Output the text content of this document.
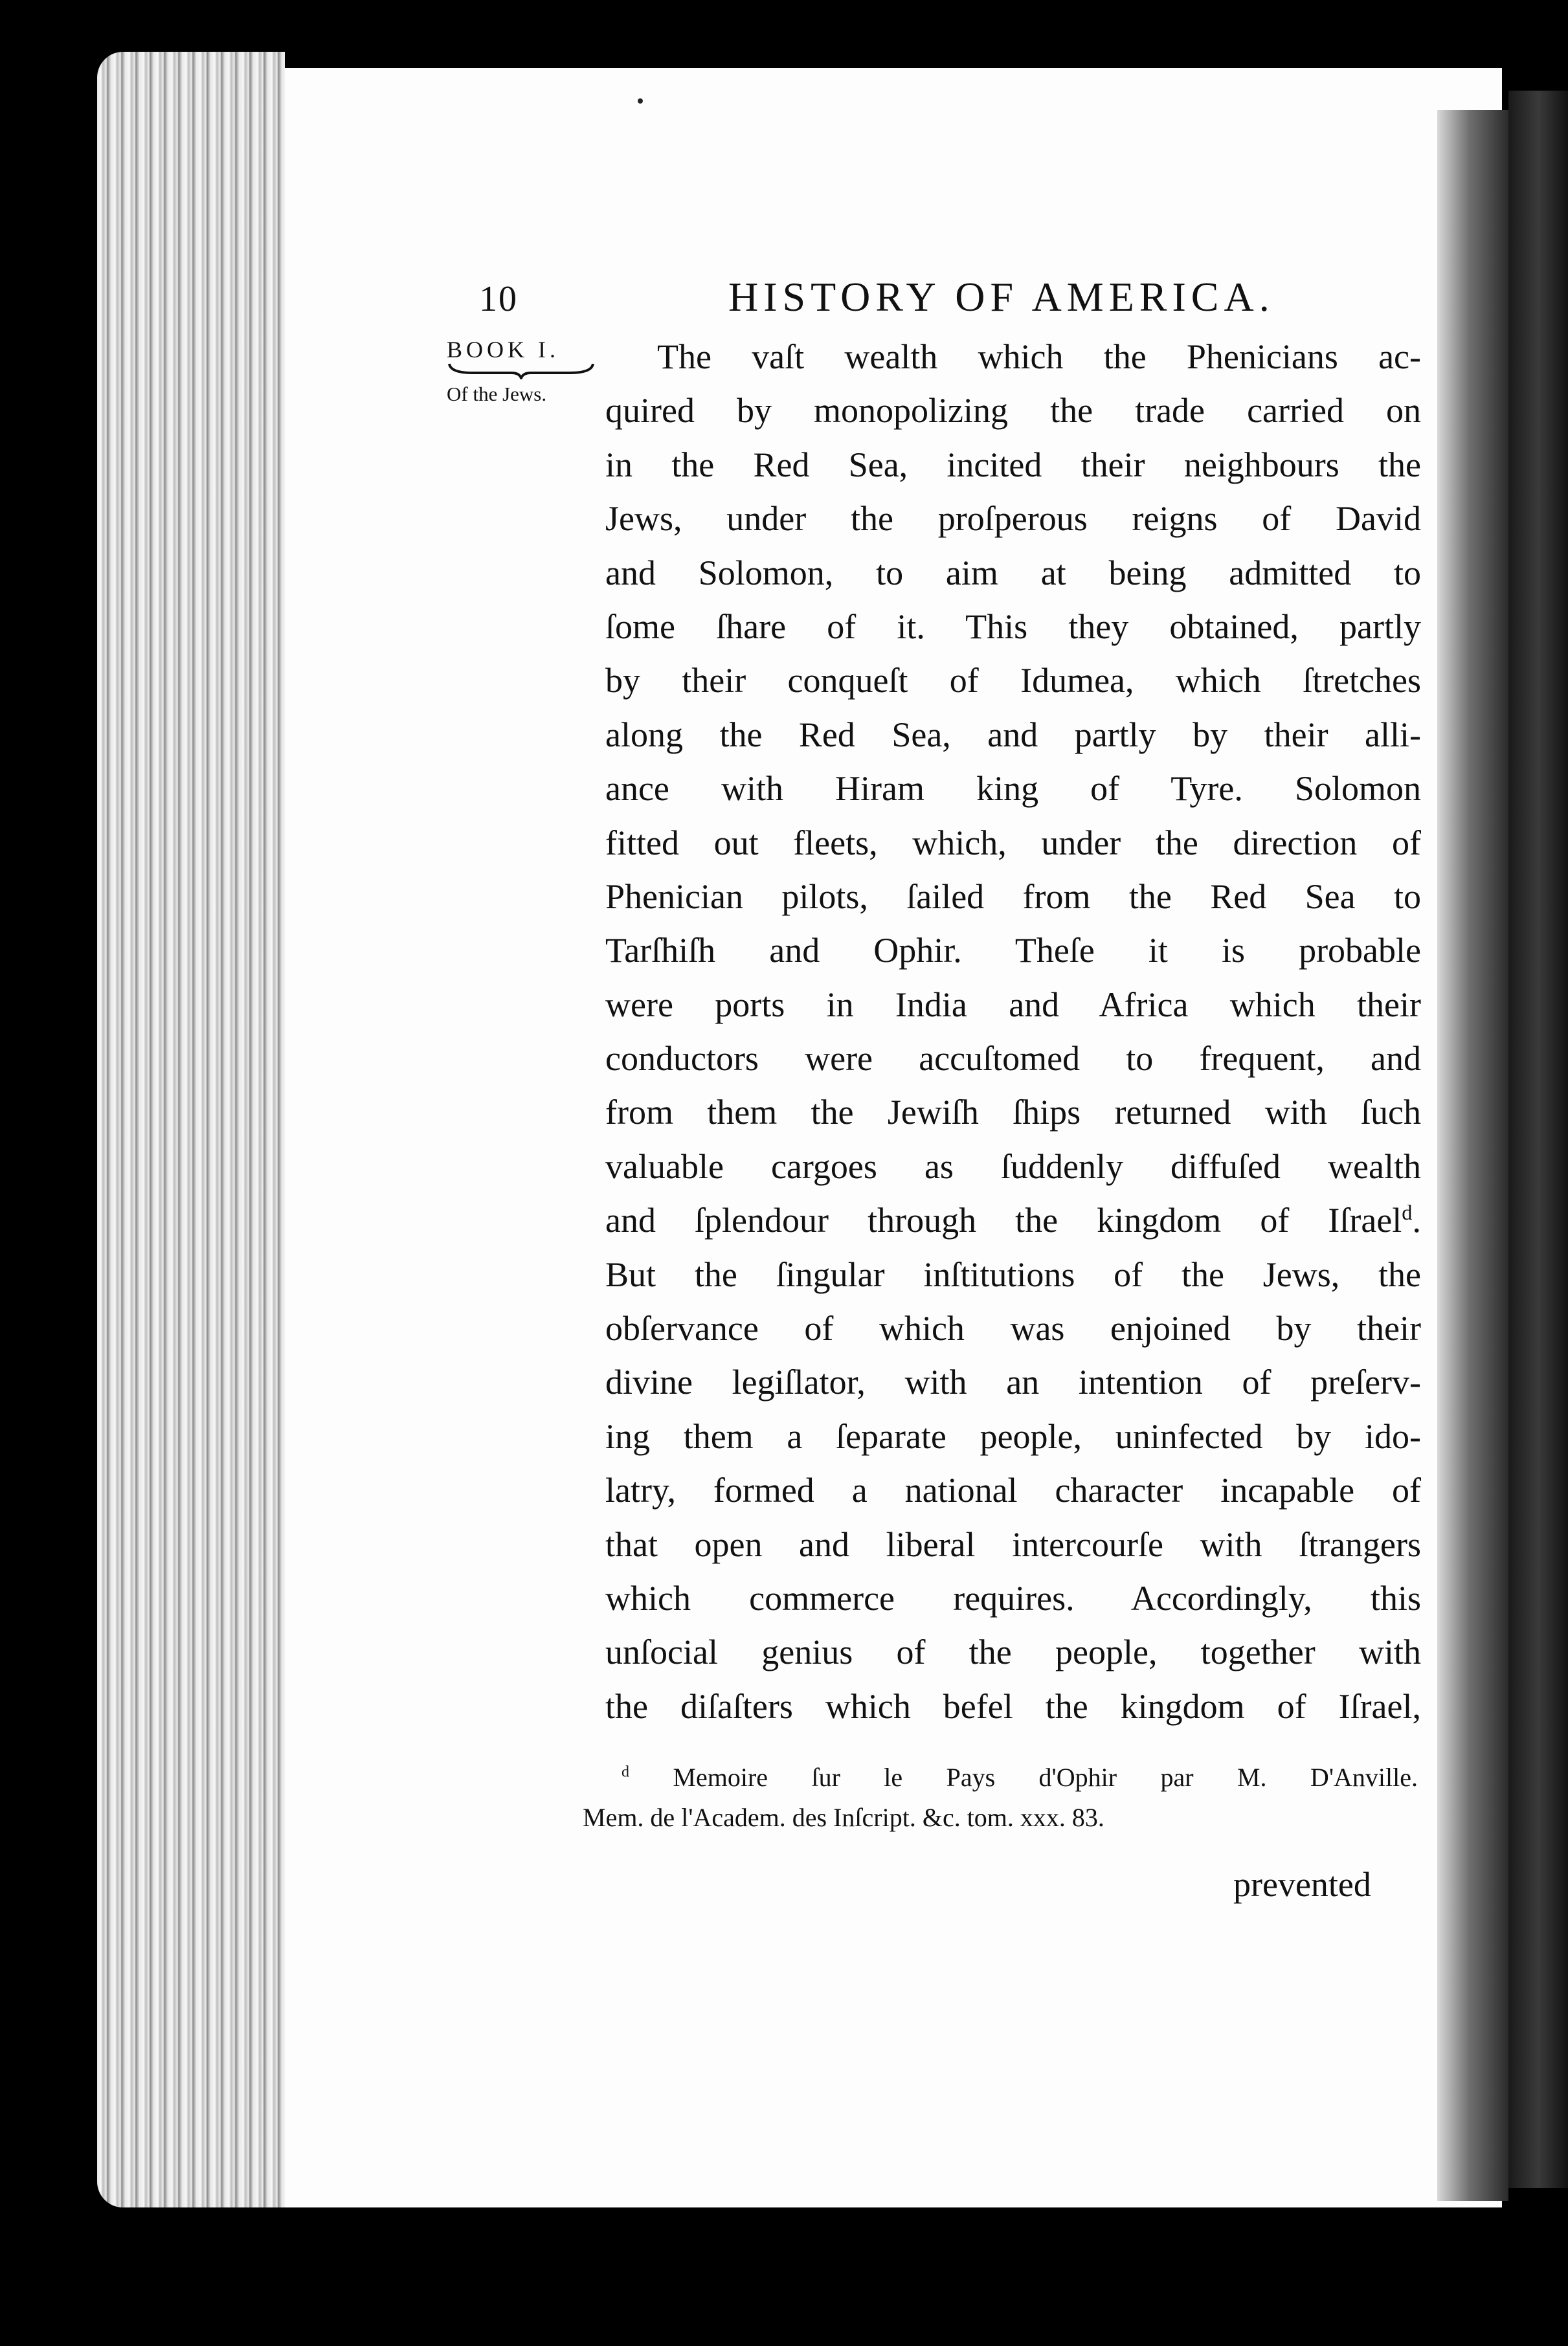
10	HISTORY OF AMERICA.
BOOK I.
Of the Jews.
The vaſt wealth which the Phenicians ac-
quired by monopolizing the trade carried on
in the Red Sea, incited their neighbours the
Jews, under the proſperous reigns of David
and Solomon, to aim at being admitted to
ſome ſhare of it. This they obtained, partly
by their conqueſt of Idumea, which ſtretches
along the Red Sea, and partly by their alli-
ance with Hiram king of Tyre. Solomon
fitted out fleets, which, under the direction of
Phenician pilots, ſailed from the Red Sea to
Tarſhiſh and Ophir. Theſe it is probable
were ports in India and Africa which their
conductors were accuſtomed to frequent, and
from them the Jewiſh ſhips returned with ſuch
valuable cargoes as ſuddenly diffuſed wealth
and ſplendour through the kingdom of Iſrael$^d$.
But the ſingular inſtitutions of the Jews, the
obſervance of which was enjoined by their
divine legiſlator, with an intention of preſerv-
ing them a ſeparate people, uninfected by ido-
latry, formed a national character incapable of
that open and liberal intercourſe with ſtrangers
which commerce requires. Accordingly, this
unſocial genius of the people, together with
the diſaſters which befel the kingdom of Iſrael,
$^d$ Memoire ſur le Pays d'Ophir par M. D'Anville.
Mem. de l'Academ. des Inſcript. &c. tom. xxx. 83.
prevented
